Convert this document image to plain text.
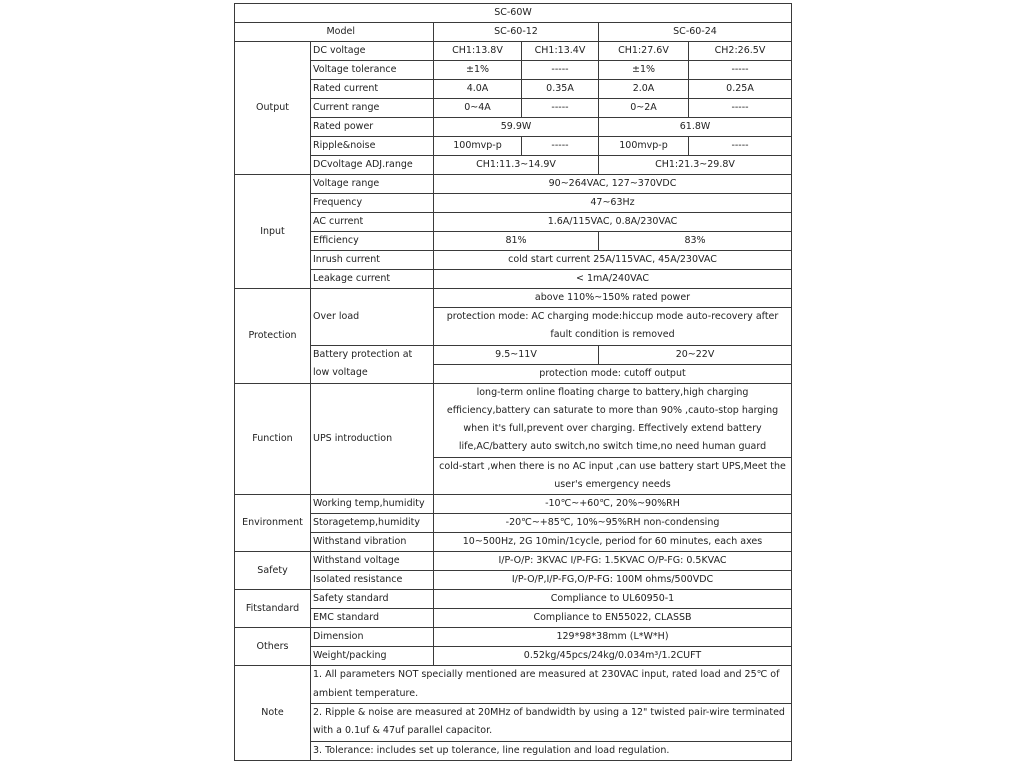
SC-60W					
Model		SC-60-12		SC-60-24	
Output	DC voltage	CH1:13.8V	CH1:13.4V	CH1:27.6V	CH2:26.5V
	Voltage tolerance	±1%	-----	±1%	-----
	Rated current	4.0A	0.35A	2.0A	0.25A
	Current range	0~4A	-----	0~2A	-----
	Rated power	59.9W		61.8W	
	Ripple&noise	100mvp-p	-----	100mvp-p	-----
	DCvoltage ADJ.range	CH1:11.3~14.9V		CH1:21.3~29.8V	
Input	Voltage range	90~264VAC, 127~370VDC			
	Frequency	47~63Hz			
	AC current	1.6A/115VAC, 0.8A/230VAC			
	Efficiency	81%		83%	
	Inrush current	cold start current 25A/115VAC, 45A/230VAC			
	Leakage current	< 1mA/240VAC			
Protection	Over load	above 110%~150% rated power			
		protection mode: AC charging mode:hiccup mode auto-recovery after fault condition is removed			
	Battery protection at low voltage	9.5~11V		20~22V	
		protection mode: cutoff output			
Function	UPS introduction	long-term online floating charge to battery,high charging efficiency,battery can saturate to more than 90% ,cauto-stop harging when it's full,prevent over charging. Effectively extend battery life,AC/battery auto switch,no switch time,no need human guard			
		cold-start ,when there is no AC input ,can use battery start UPS,Meet the user's emergency needs			
Environment	Working temp,humidity	-10℃~+60℃, 20%~90%RH			
	Storagetemp,humidity	-20℃~+85℃, 10%~95%RH non-condensing			
	Withstand vibration	10~500Hz, 2G 10min/1cycle, period for 60 minutes, each axes			
Safety	Withstand voltage	I/P-O/P: 3KVAC I/P-FG: 1.5KVAC O/P-FG: 0.5KVAC			
	Isolated resistance	I/P-O/P,I/P-FG,O/P-FG: 100M ohms/500VDC			
Fitstandard	Safety standard	Compliance to UL60950-1			
	EMC standard	Compliance to EN55022, CLASSB			
Others	Dimension	129*98*38mm (L*W*H)			
	Weight/packing	0.52kg/45pcs/24kg/0.034m³/1.2CUFT			
Note	1. All parameters NOT specially mentioned are measured at 230VAC input, rated load and 25℃ of ambient temperature.				
	2. Ripple & noise are measured at 20MHz of bandwidth by using a 12" twisted pair-wire terminated with a 0.1uf & 47uf parallel capacitor.				
	3. Tolerance: includes set up tolerance, line regulation and load regulation.				
